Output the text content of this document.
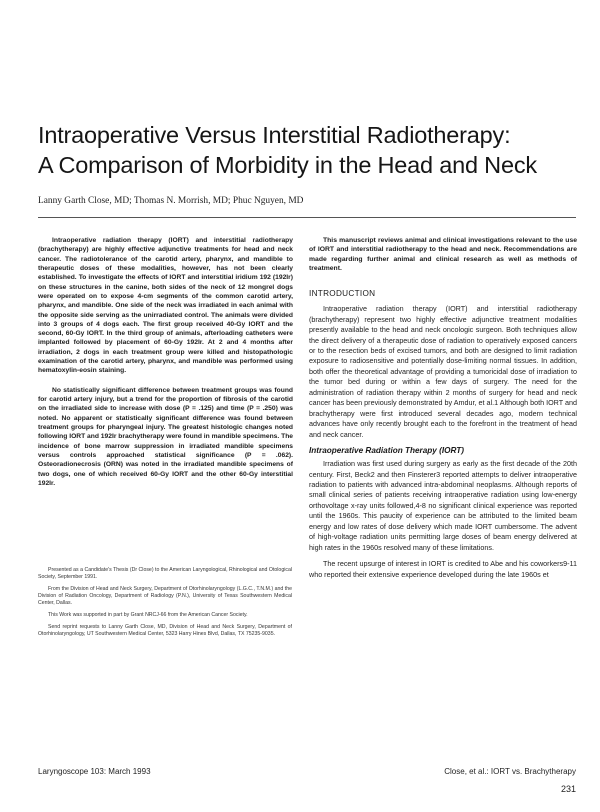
Intraoperative Versus Interstitial Radiotherapy:
A Comparison of Morbidity in the Head and Neck
Lanny Garth Close, MD; Thomas N. Morrish, MD; Phuc Nguyen, MD

Intraoperative radiation therapy (IORT) and interstitial radiotherapy (brachytherapy) are highly effective adjunctive treatments for head and neck cancer. The radiotolerance of the carotid artery, pharynx, and mandible to therapeutic doses of these modalities, however, has not been clearly established. To investigate the effects of IORT and interstitial iridium 192 (192Ir) on these structures in the canine, both sides of the neck of 12 mongrel dogs were operated on to expose 4-cm segments of the common carotid artery, pharynx, and mandible. One side of the neck was irradiated in each animal with the opposite side serving as the unirradiated control. The animals were divided into 3 groups of 4 dogs each. The first group received 40-Gy IORT and the second, 60-Gy IORT. In the third group of animals, afterloading catheters were implanted followed by placement of 60-Gy 192Ir. At 2 and 4 months after irradiation, 2 dogs in each treatment group were killed and histopathologic examination of the carotid artery, pharynx, and mandible was performed using hematoxylin-eosin staining.

No statistically significant difference between treatment groups was found for carotid artery injury, but a trend for the proportion of fibrosis of the carotid on the irradiated side to increase with dose (P = .125) and time (P = .250) was noted. No apparent or statistically significant difference was found between treatment groups for pharyngeal injury. The greatest histologic changes noted following IORT and 192Ir brachytherapy were found in mandible specimens. The incidence of bone marrow suppression in irradiated mandible specimens versus controls approached statistical significance (P = .062). Osteoradionecrosis (ORN) was noted in the irradiated mandible specimens of two dogs, one of which received 60-Gy IORT and the other 60-Gy interstitial 192Ir.

Presented as a Candidate's Thesis (Dr Close) to the American Laryngological, Rhinological and Otological Society, September 1991.

From the Division of Head and Neck Surgery, Department of Otorhinolaryngology (L.G.C., T.N.M.) and the Division of Radiation Oncology, Department of Radiology (P.N.), University of Texas Southwestern Medical Center, Dallas.

This Work was supported in part by Grant NRCJ-66 from the American Cancer Society.

Send reprint requests to Lanny Garth Close, MD, Division of Head and Neck Surgery, Department of Otorhinolaryngology, UT Southwestern Medical Center, 5323 Harry Hines Blvd, Dallas, TX 75235-9035.

This manuscript reviews animal and clinical investigations relevant to the use of IORT and interstitial radiotherapy to the head and neck. Recommendations are made regarding further animal and clinical research as well as methods of treatment.

INTRODUCTION

Intraoperative radiation therapy (IORT) and interstitial radiotherapy (brachytherapy) represent two highly effective adjunctive treatment modalities presently available to the head and neck oncologic surgeon. Both techniques allow the direct delivery of a therapeutic dose of radiation to operatively exposed cancers or to the resection beds of excised tumors, and both are designed to limit radiation exposure to radiosensitive and potentially dose-limiting normal tissues. In addition, both offer the theoretical advantage of providing a tumoricidal dose of irradiation to the tumor bed during or within a few days of surgery. The need for the administration of radiation therapy within 2 months of surgery for head and neck cancer has been previously demonstrated by Amdur, et al.1 Although both IORT and brachytherapy were first introduced several decades ago, modern technical advances have only recently brought each to the forefront in the treatment of head and neck cancer.

Intraoperative Radiation Therapy (IORT)

Irradiation was first used during surgery as early as the first decade of the 20th century. First, Beck2 and then Finsterer3 reported attempts to deliver intraoperative radiation to patients with advanced intra-abdominal neoplasms. Although reports of small clinical series of patients receiving intraoperative radiation using low-energy orthovoltage x-ray units followed,4-8 no significant clinical experience was reported until the 1960s. This paucity of experience can be attributed to the limited beam energy and low rates of dose delivery which made IORT cumbersome. The advent of high-voltage radiation units permitting large doses of beam energy delivered at high rates in the 1960s resolved many of these limitations.

The recent upsurge of interest in IORT is credited to Abe and his coworkers9-11 who reported their extensive experience developed during the late 1960s et

Laryngoscope 103: March 1993	Close, et al.: IORT vs. Brachytherapy
231
